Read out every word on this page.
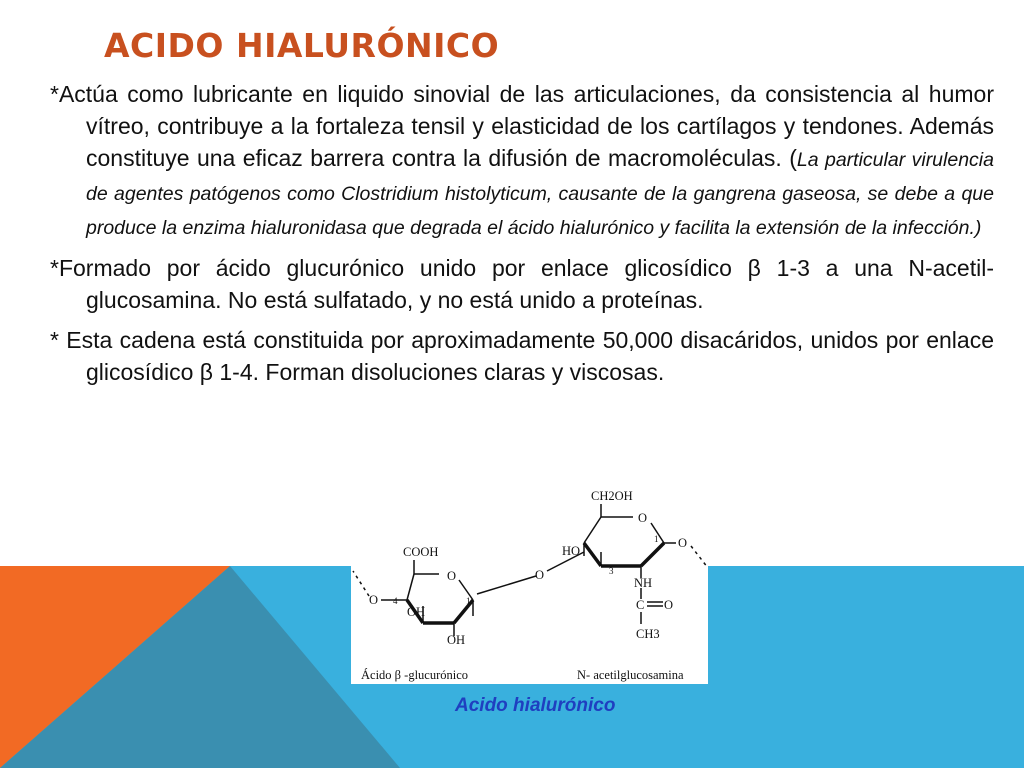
ACIDO HIALURÓNICO

*Actúa como lubricante en liquido sinovial de las articulaciones, da consistencia al humor vítreo, contribuye a la fortaleza tensil y elasticidad de los cartílagos y tendones. Además constituye una eficaz barrera contra la difusión de macromoléculas. (La particular virulencia de agentes patógenos como Clostridium histolyticum, causante de la gangrena gaseosa, se debe a que produce la enzima hialuronidasa que degrada el ácido hialurónico y facilita la extensión de la infección.)

*Formado por ácido glucurónico unido por enlace glicosídico β 1-3 a una N-acetil-glucosamina. No está sulfatado, y no está unido a proteínas.

* Esta cadena está constituida por aproximadamente 50,000 disacáridos, unidos por enlace glicosídico β 1-4. Forman disoluciones claras y viscosas.

COOH
O
O 4	1
OH
OH
Ácido β -glucurónico
O
CH2OH
O
O
1
3
HO
NH
C O
CH3
N- acetilglucosamina
Acido hialurónico
